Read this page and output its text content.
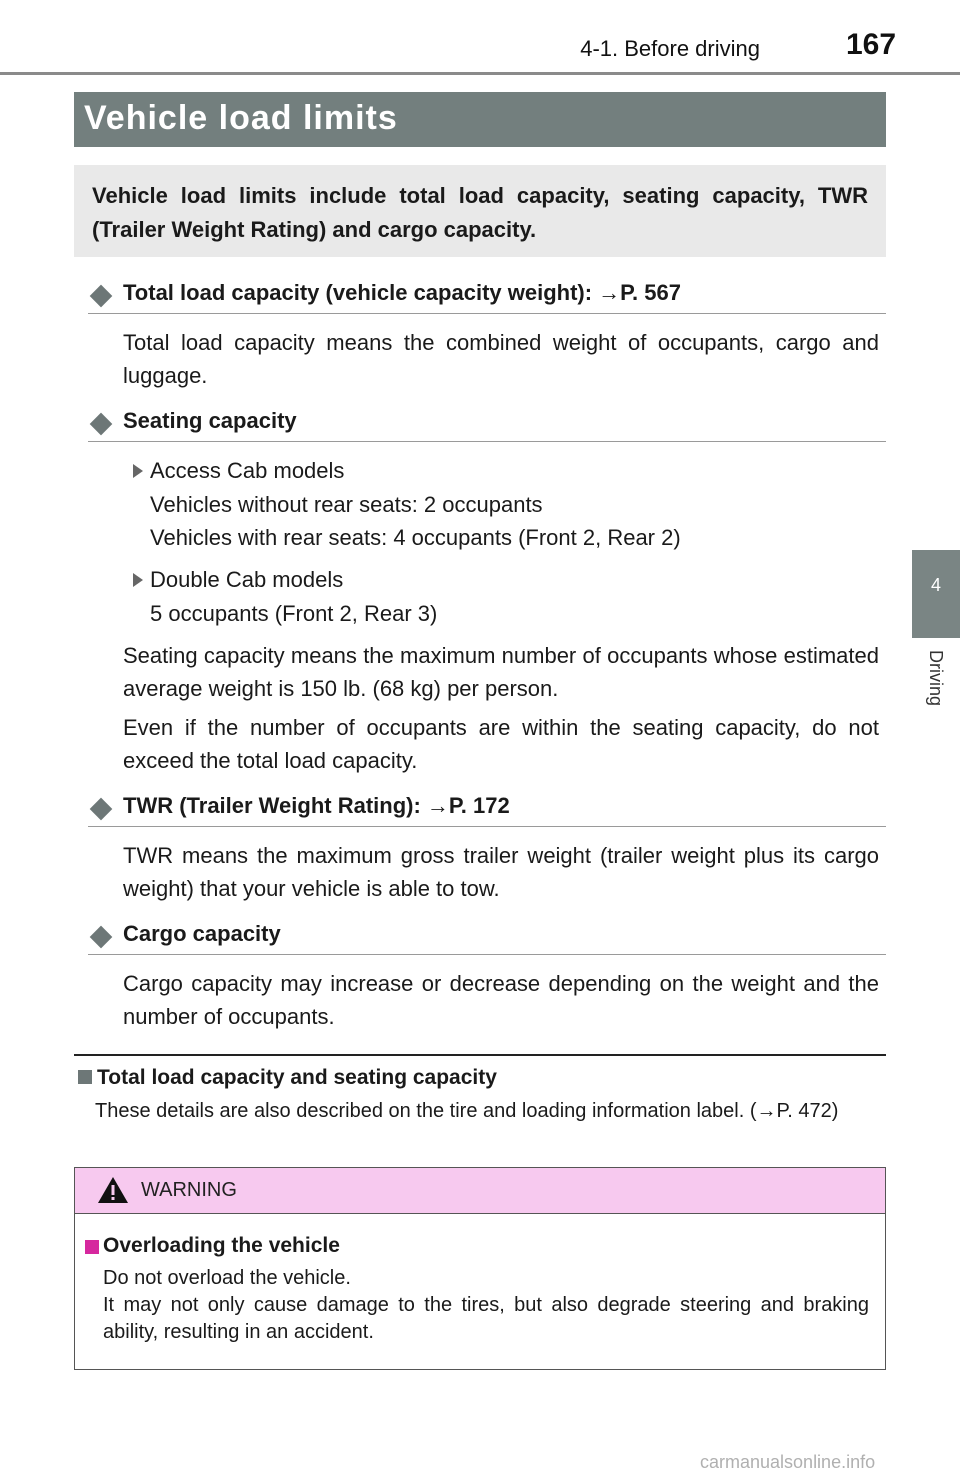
4-1. Before driving	167
4
Driving
Vehicle load limits
Vehicle load limits include total load capacity, seating capacity, TWR (Trailer Weight Rating) and cargo capacity.
Total load capacity (vehicle capacity weight): →P. 567

Total load capacity means the combined weight of occupants, cargo and luggage.

Seating capacity
Access Cab models
Vehicles without rear seats: 2 occupants
Vehicles with rear seats: 4 occupants (Front 2, Rear 2)
Double Cab models
5 occupants (Front 2, Rear 3)

Seating capacity means the maximum number of occupants whose estimated average weight is 150 lb. (68 kg) per person.

Even if the number of occupants are within the seating capacity, do not exceed the total load capacity.

TWR (Trailer Weight Rating): →P. 172

TWR means the maximum gross trailer weight (trailer weight plus its cargo weight) that your vehicle is able to tow.

Cargo capacity

Cargo capacity may increase or decrease depending on the weight and the number of occupants.

Total load capacity and seating capacity

These details are also described on the tire and loading information label. (→P. 472)

WARNING
Overloading the vehicle

Do not overload the vehicle.
It may not only cause damage to the tires, but also degrade steering and braking ability, resulting in an accident.

carmanualsonline.info
